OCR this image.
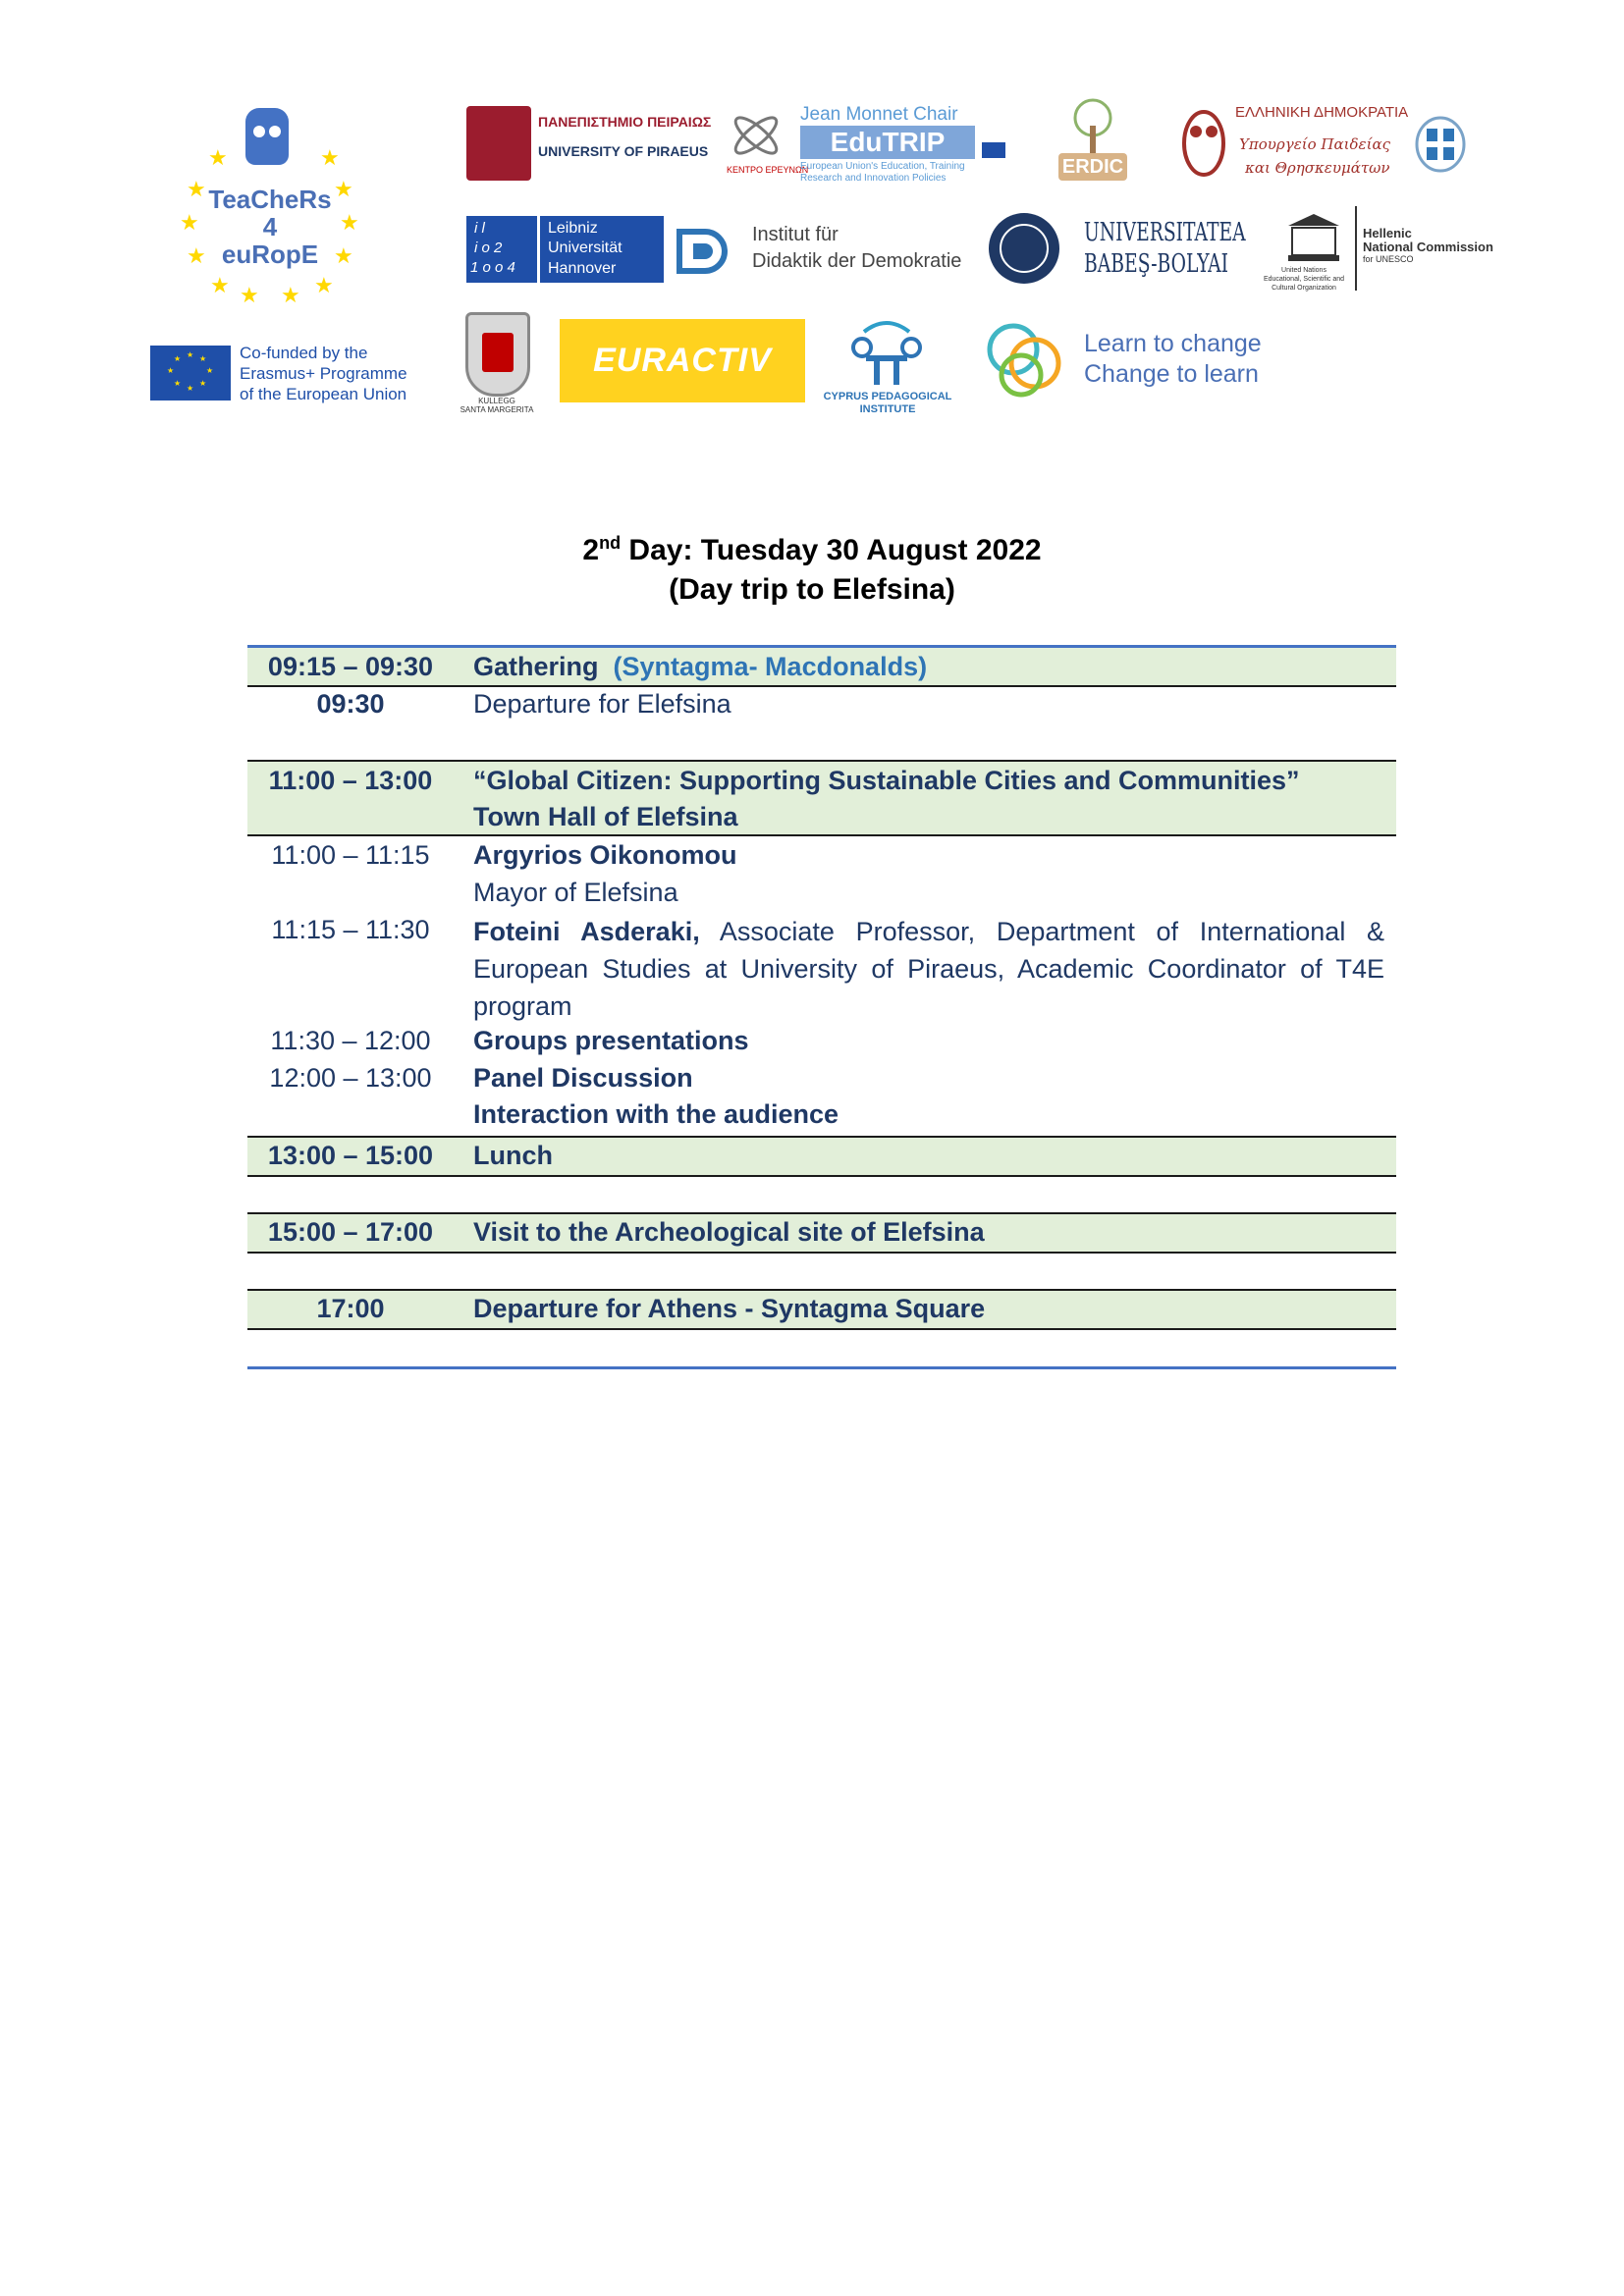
★	★
★	★
★	★
★	★
★	★
★ ★
TeaCheRs
4
euRopE
★ ★
★
★
★
★
★
★	Co-funded by the
Erasmus+ Programme
of the European Union
ΠΑΝΕΠΙΣΤΗΜΙΟ ΠΕΙΡΑΙΩΣ
UNIVERSITY OF PIRAEUS
ΚΕΝΤΡΟ ΕΡΕΥΝΩΝ
Jean Monnet Chair
EduTRIP
European Union's Education, Training
Research and Innovation Policies
ERDIC
ΕΛΛΗΝΙΚΗ ΔΗΜΟΚΡΑΤΙΑ
Υπουργείο Παιδείας
και Θρησκευμάτων
i l
i o 2
1 o o 4
Leibniz
Universität
Hannover
Institut für
Didaktik der Demokratie
UNIVERSITATEA
BABEŞ-BOLYAI	United Nations
Educational, Scientific and
Cultural Organization
Hellenic
National Commission
for UNESCO
KULLEGG
SANTA MARGERITA
EURACTIV
CYPRUS PEDAGOGICAL
INSTITUTE
Learn to change
Change to learn
2nd Day: Tuesday 30 August 2022
(Day trip to Elefsina)
09:15 – 09:30	Gathering (Syntagma- Macdonalds)
09:30	Departure for Elefsina
11:00 – 13:00	“Global Citizen: Supporting Sustainable Cities and Communities”
Town Hall of Elefsina
11:00 – 11:15	Argyrios Oikonomou
Mayor of Elefsina
11:15 – 11:30	Foteini Asderaki, Associate Professor, Department of International & European Studies at University of Piraeus, Academic Coordinator of T4E program
11:30 – 12:00	Groups presentations
12:00 – 13:00	Panel Discussion
Interaction with the audience
13:00 – 15:00	Lunch
15:00 – 17:00	Visit to the Archeological site of Elefsina
17:00	Departure for Athens - Syntagma Square
